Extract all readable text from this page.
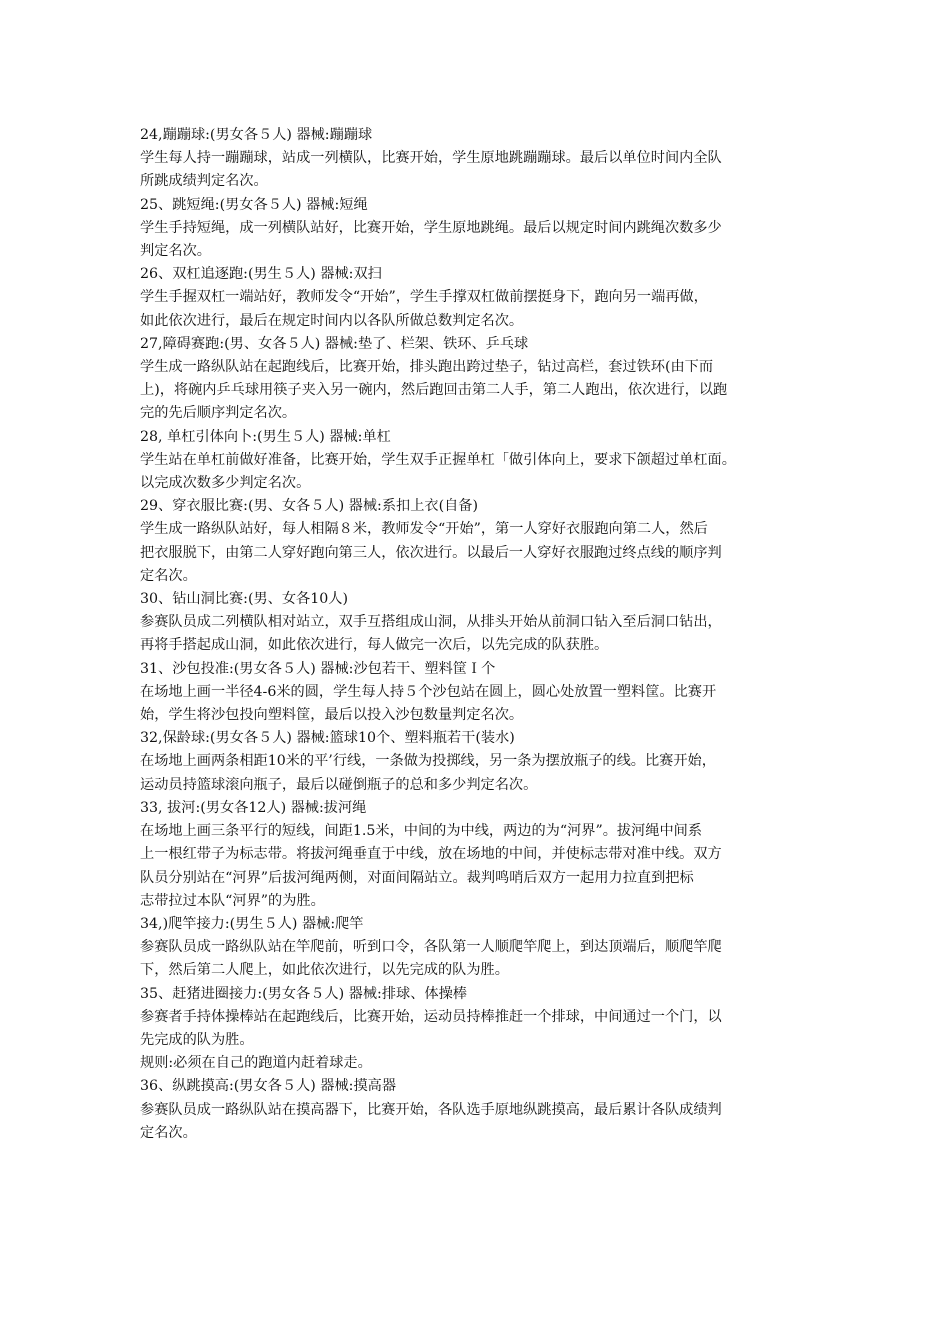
24,蹦蹦球:(男女各５人) 器械:蹦蹦球

学生每人持一蹦蹦球，站成一列横队，比赛开始，学生原地跳蹦蹦球。最后以单位时间内全队

所跳成绩判定名次。

25、跳短绳:(男女各５人) 器械:短绳

学生手持短绳，成一列横队站好，比赛开始，学生原地跳绳。最后以规定时间内跳绳次数多少

判定名次。

26、双杠追逐跑:(男生５人) 器械:双扫

学生手握双杠一端站好，教师发令“开始”，学生手撑双杠做前摆挺身下，跑向另一端再做，

如此依次进行，最后在规定时间内以各队所做总数判定名次。

27,障碍赛跑:(男、女各５人) 器械:垫了、栏架、铁环、乒乓球

学生成一路纵队站在起跑线后，比赛开始，排头跑出跨过垫子，钻过高栏，套过铁环(由下而

上)，将碗内乒乓球用筷子夹入另一碗内，然后跑回击第二人手，第二人跑出，依次进行，以跑

完的先后顺序判定名次。

28, 单杠引体向卜:(男生５人) 器械:单杠

学生站在单杠前做好准备，比赛开始，学生双手正握单杠「做引体向上，要求下颌超过单杠面。

以完成次数多少判定名次。

29、穿衣服比赛:(男、女各５人) 器械:系扣上衣(自备)

学生成一路纵队站好，每人相隔８米，教师发令“开始”，第一人穿好衣服跑向第二人，然后

把衣服脱下，由第二人穿好跑向第三人，依次进行。以最后一人穿好衣服跑过终点线的顺序判

定名次。

30、钻山洞比赛:(男、女各10人)

参赛队员成二列横队相对站立，双手互搭组成山洞，从排头开始从前洞口钻入至后洞口钻出，

再将手搭起成山洞，如此依次进行，每人做完一次后，以先完成的队获胜。

31、沙包投准:(男女各５人) 器械:沙包若干、塑料筐Ｉ个

在场地上画一半径4-6米的圆，学生每人持５个沙包站在圆上，圆心处放置一塑料筐。比赛开

始，学生将沙包投向塑料筐，最后以投入沙包数量判定名次。

32,保龄球:(男女各５人) 器械:篮球10个、塑料瓶若干(装水)

在场地上画两条相距10米的平’行线，一条做为投掷线，另一条为摆放瓶子的线。比赛开始，

运动员持篮球滚向瓶子，最后以碰倒瓶子的总和多少判定名次。

33, 拔河:(男女各12人) 器械:拔河绳

在场地上画三条平行的短线，间距1.5米，中间的为中线，两边的为“河界”。拔河绳中间系

上一根红带子为标志带。将拔河绳垂直于中线，放在场地的中间，并使标志带对准中线。双方

队员分别站在“河界”后拔河绳两侧，对面间隔站立。裁判鸣哨后双方一起用力拉直到把标

志带拉过本队“河界”的为胜。

34,)爬竿接力:(男生５人) 器械:爬竿

参赛队员成一路纵队站在竿爬前，听到口令，各队第一人顺爬竿爬上，到达顶端后，顺爬竿爬

下，然后第二人爬上，如此依次进行，以先完成的队为胜。

35、赶猪进圈接力:(男女各５人) 器械:排球、体操棒

参赛者手持体操棒站在起跑线后，比赛开始，运动员持棒推赶一个排球，中间通过一个门，以

先完成的队为胜。

规则:必须在自己的跑道内赶着球走。

36、纵跳摸高:(男女各５人) 器械:摸高器

参赛队员成一路纵队站在摸高器下，比赛开始，各队选手原地纵跳摸高，最后累计各队成绩判

定名次。
